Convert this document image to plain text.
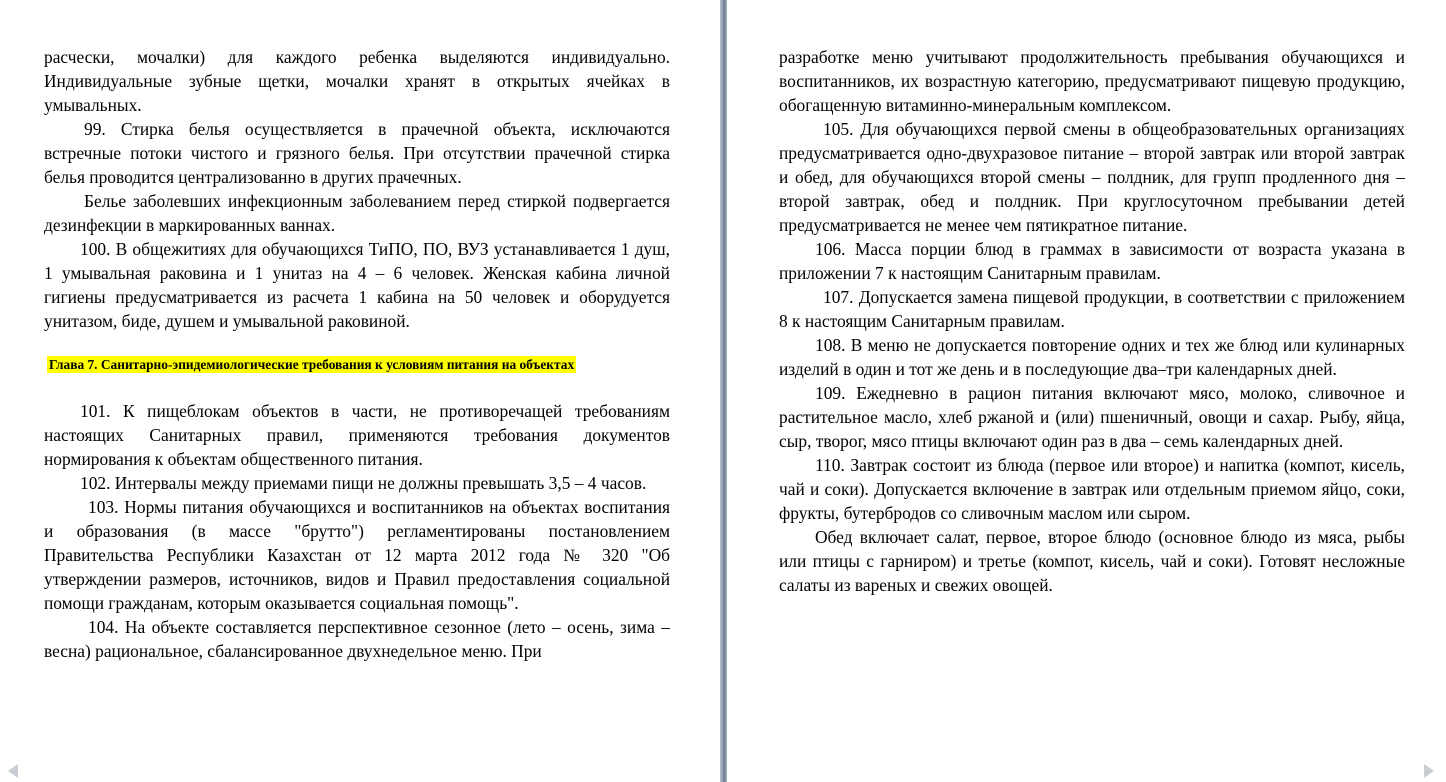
расчески, мочалки) для каждого ребенка выделяются индивидуально. Индивидуальные зубные щетки, мочалки хранят в открытых ячейках в умывальных.

99. Стирка белья осуществляется в прачечной объекта, исключаются встречные потоки чистого и грязного белья. При отсутствии прачечной стирка белья проводится централизованно в других прачечных.

Белье заболевших инфекционным заболеванием перед стиркой подвергается дезинфекции в маркированных ваннах.

100. В общежитиях для обучающихся ТиПО, ПО, ВУЗ устанавливается 1 душ, 1 умывальная раковина и 1 унитаз на 4 – 6 человек. Женская кабина личной гигиены предусматривается из расчета 1 кабина на 50 человек и оборудуется унитазом, биде, душем и умывальной раковиной.

Глава 7. Санитарно-эпидемиологические требования к условиям питания на объектах

101. К пищеблокам объектов в части, не противоречащей требованиям настоящих Санитарных правил, применяются требования документов нормирования к объектам общественного питания.

102. Интервалы между приемами пищи не должны превышать 3,5 – 4 часов.

103. Нормы питания обучающихся и воспитанников на объектах воспитания и образования (в массе "брутто") регламентированы постановлением Правительства Республики Казахстан от 12 марта 2012 года № 320 "Об утверждении размеров, источников, видов и Правил предоставления социальной помощи гражданам, которым оказывается социальная помощь".

104. На объекте составляется перспективное сезонное (лето – осень, зима – весна) рациональное, сбалансированное двухнедельное меню. При

разработке меню учитывают продолжительность пребывания обучающихся и воспитанников, их возрастную категорию, предусматривают пищевую продукцию, обогащенную витаминно-минеральным комплексом.

105. Для обучающихся первой смены в общеобразовательных организациях предусматривается одно-двухразовое питание – второй завтрак или второй завтрак и обед, для обучающихся второй смены – полдник, для групп продленного дня – второй завтрак, обед и полдник. При круглосуточном пребывании детей предусматривается не менее чем пятикратное питание.

106. Масса порции блюд в граммах в зависимости от возраста указана в приложении 7 к настоящим Санитарным правилам.

107. Допускается замена пищевой продукции, в соответствии с приложением 8 к настоящим Санитарным правилам.

108. В меню не допускается повторение одних и тех же блюд или кулинарных изделий в один и тот же день и в последующие два–три календарных дней.

109. Ежедневно в рацион питания включают мясо, молоко, сливочное и растительное масло, хлеб ржаной и (или) пшеничный, овощи и сахар. Рыбу, яйца, сыр, творог, мясо птицы включают один раз в два – семь календарных дней.

110. Завтрак состоит из блюда (первое или второе) и напитка (компот, кисель, чай и соки). Допускается включение в завтрак или отдельным приемом яйцо, соки, фрукты, бутербродов со сливочным маслом или сыром.

Обед включает салат, первое, второе блюдо (основное блюдо из мяса, рыбы или птицы с гарниром) и третье (компот, кисель, чай и соки). Готовят несложные салаты из вареных и свежих овощей.
